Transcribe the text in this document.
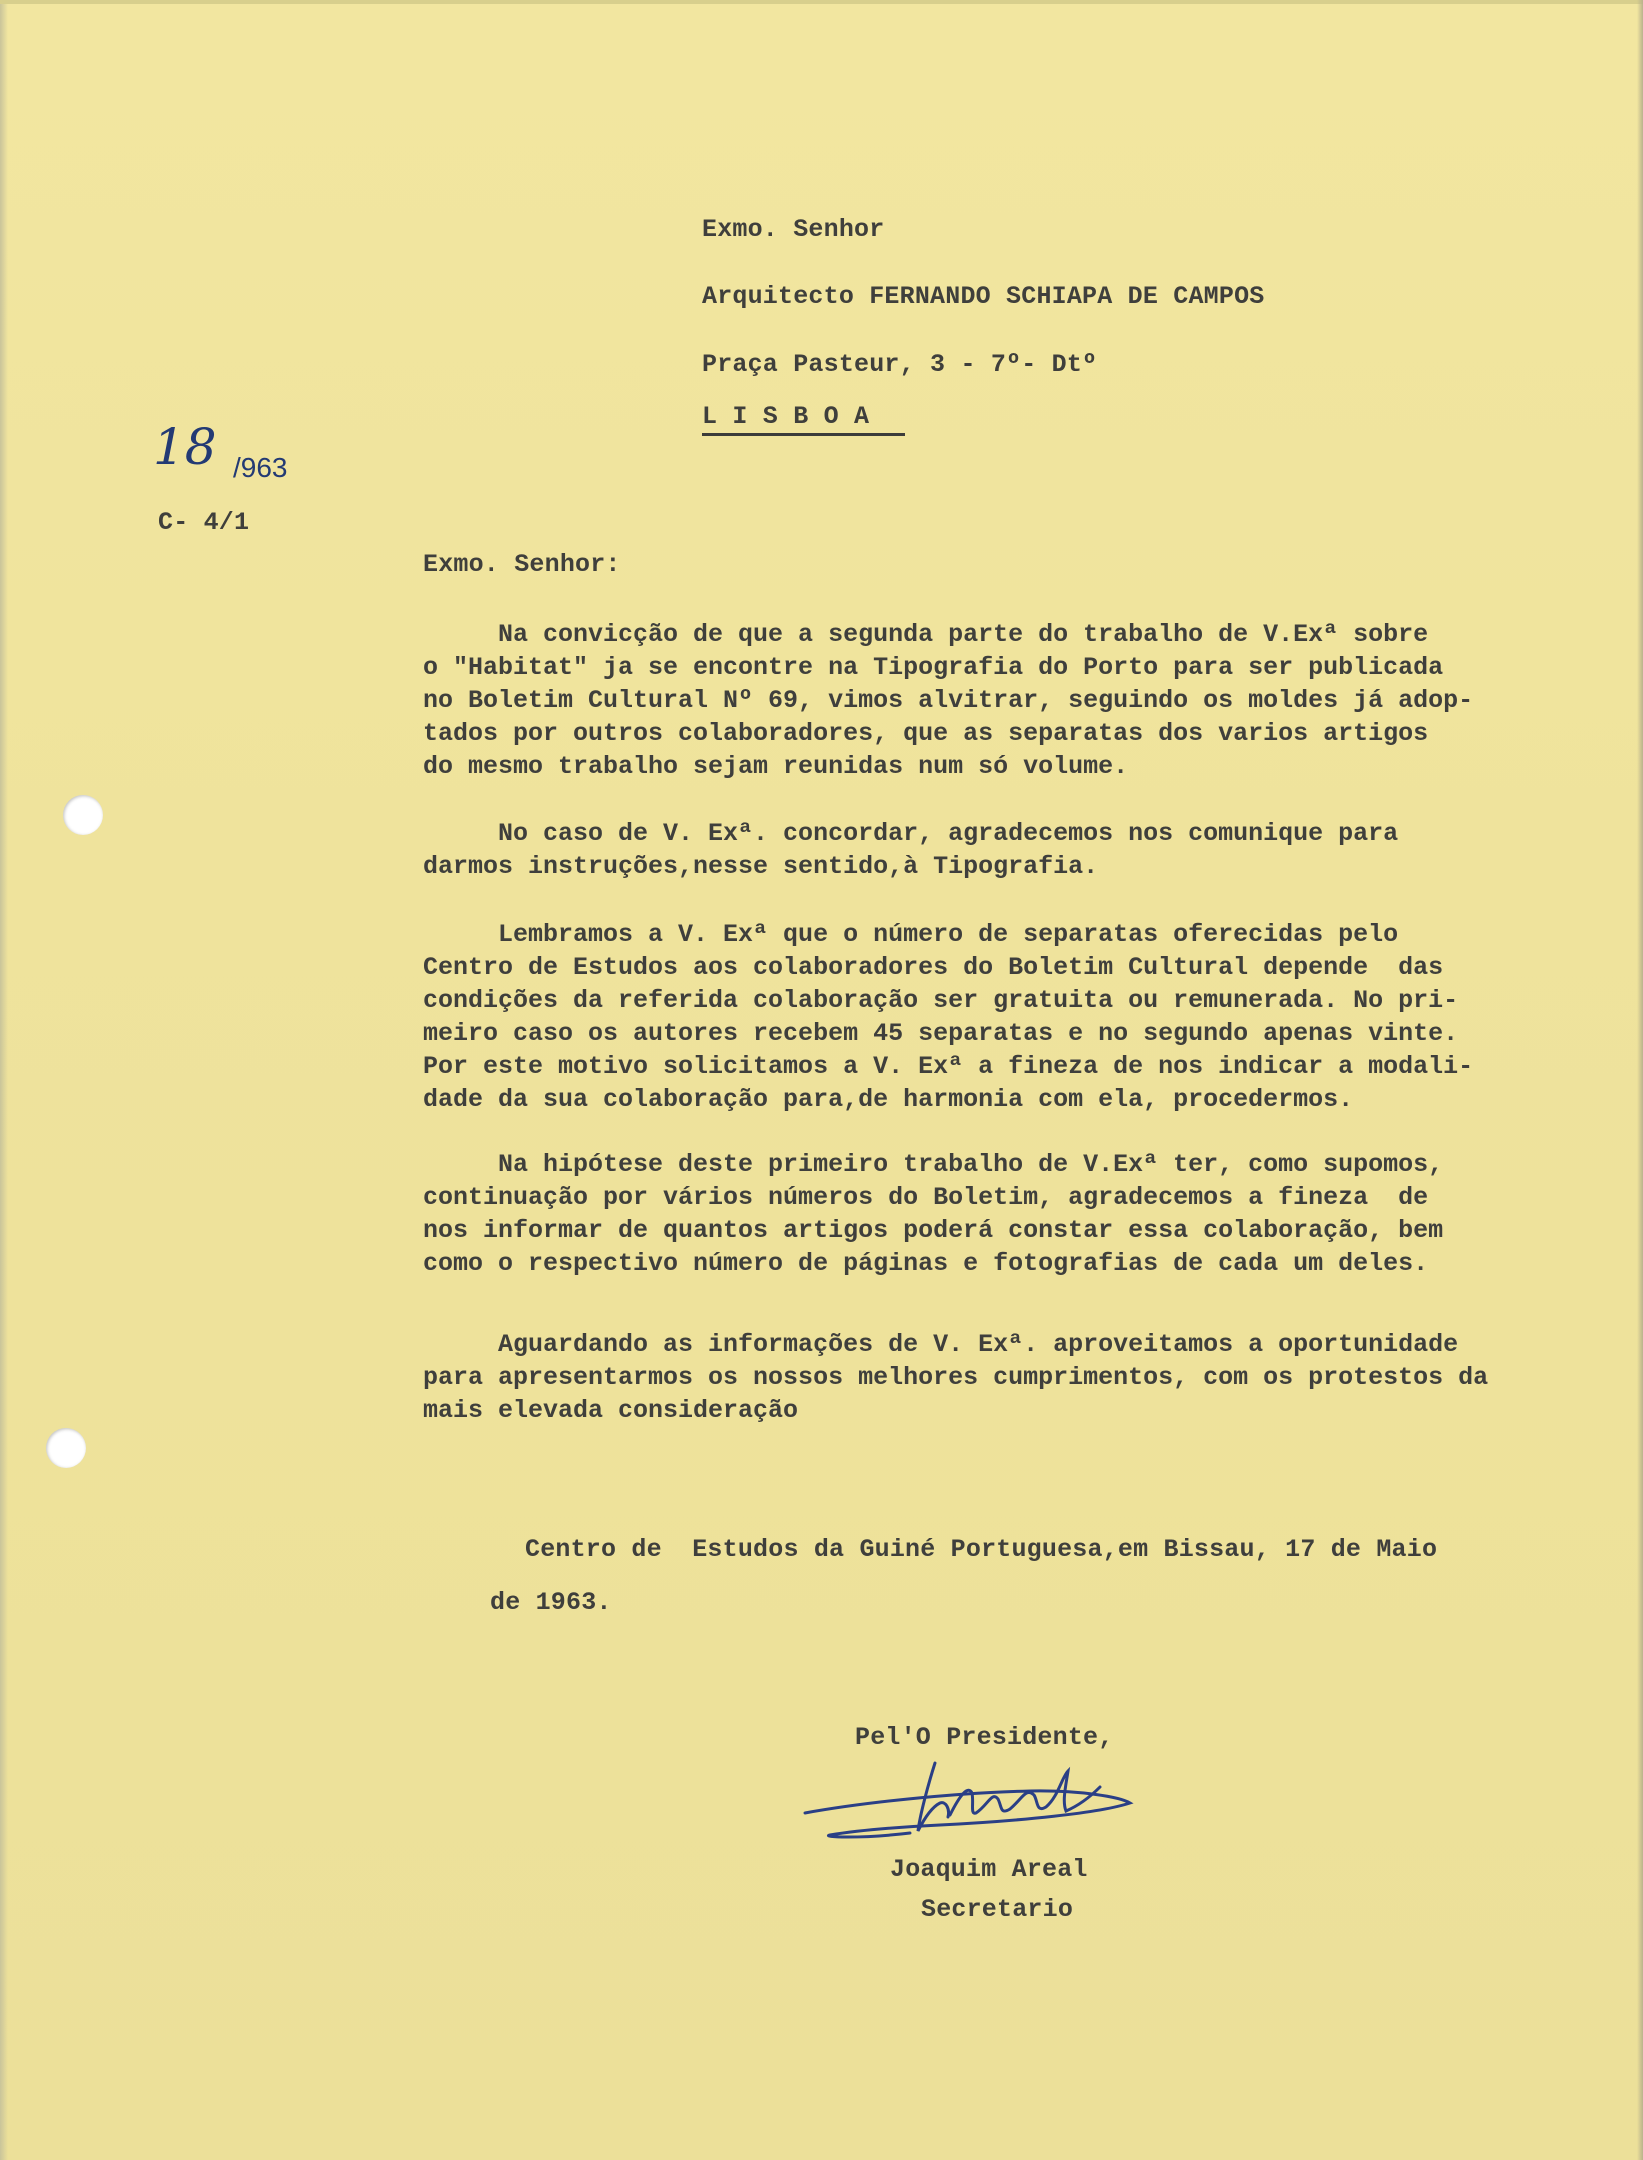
Exmo. Senhor
Arquitecto FERNANDO SCHIAPA DE CAMPOS
Praça Pasteur, 3 - 7º- Dtº
L I S B O A
18 /963
C- 4/1
Exmo. Senhor:
Na convicção de que a segunda parte do trabalho de V.Exª sobre
o "Habitat" ja se encontre na Tipografia do Porto para ser publicada
no Boletim Cultural Nº 69, vimos alvitrar, seguindo os moldes já adop-
tados por outros colaboradores, que as separatas dos varios artigos
do mesmo trabalho sejam reunidas num só volume.
No caso de V. Exª. concordar, agradecemos nos comunique para
darmos instruções,nesse sentido,à Tipografia.
Lembramos a V. Exª que o número de separatas oferecidas pelo
Centro de Estudos aos colaboradores do Boletim Cultural depende  das
condições da referida colaboração ser gratuita ou remunerada. No pri-
meiro caso os autores recebem 45 separatas e no segundo apenas vinte.
Por este motivo solicitamos a V. Exª a fineza de nos indicar a modali-
dade da sua colaboração para,de harmonia com ela, procedermos.
Na hipótese deste primeiro trabalho de V.Exª ter, como supomos,
continuação por vários números do Boletim, agradecemos a fineza  de
nos informar de quantos artigos poderá constar essa colaboração, bem
como o respectivo número de páginas e fotografias de cada um deles.
Aguardando as informações de V. Exª. aproveitamos a oportunidade
para apresentarmos os nossos melhores cumprimentos, com os protestos da
mais elevada consideração
Centro de  Estudos da Guiné Portuguesa,em Bissau, 17 de Maio
de 1963.
Pel'O Presidente,
Joaquim Areal
Secretario
